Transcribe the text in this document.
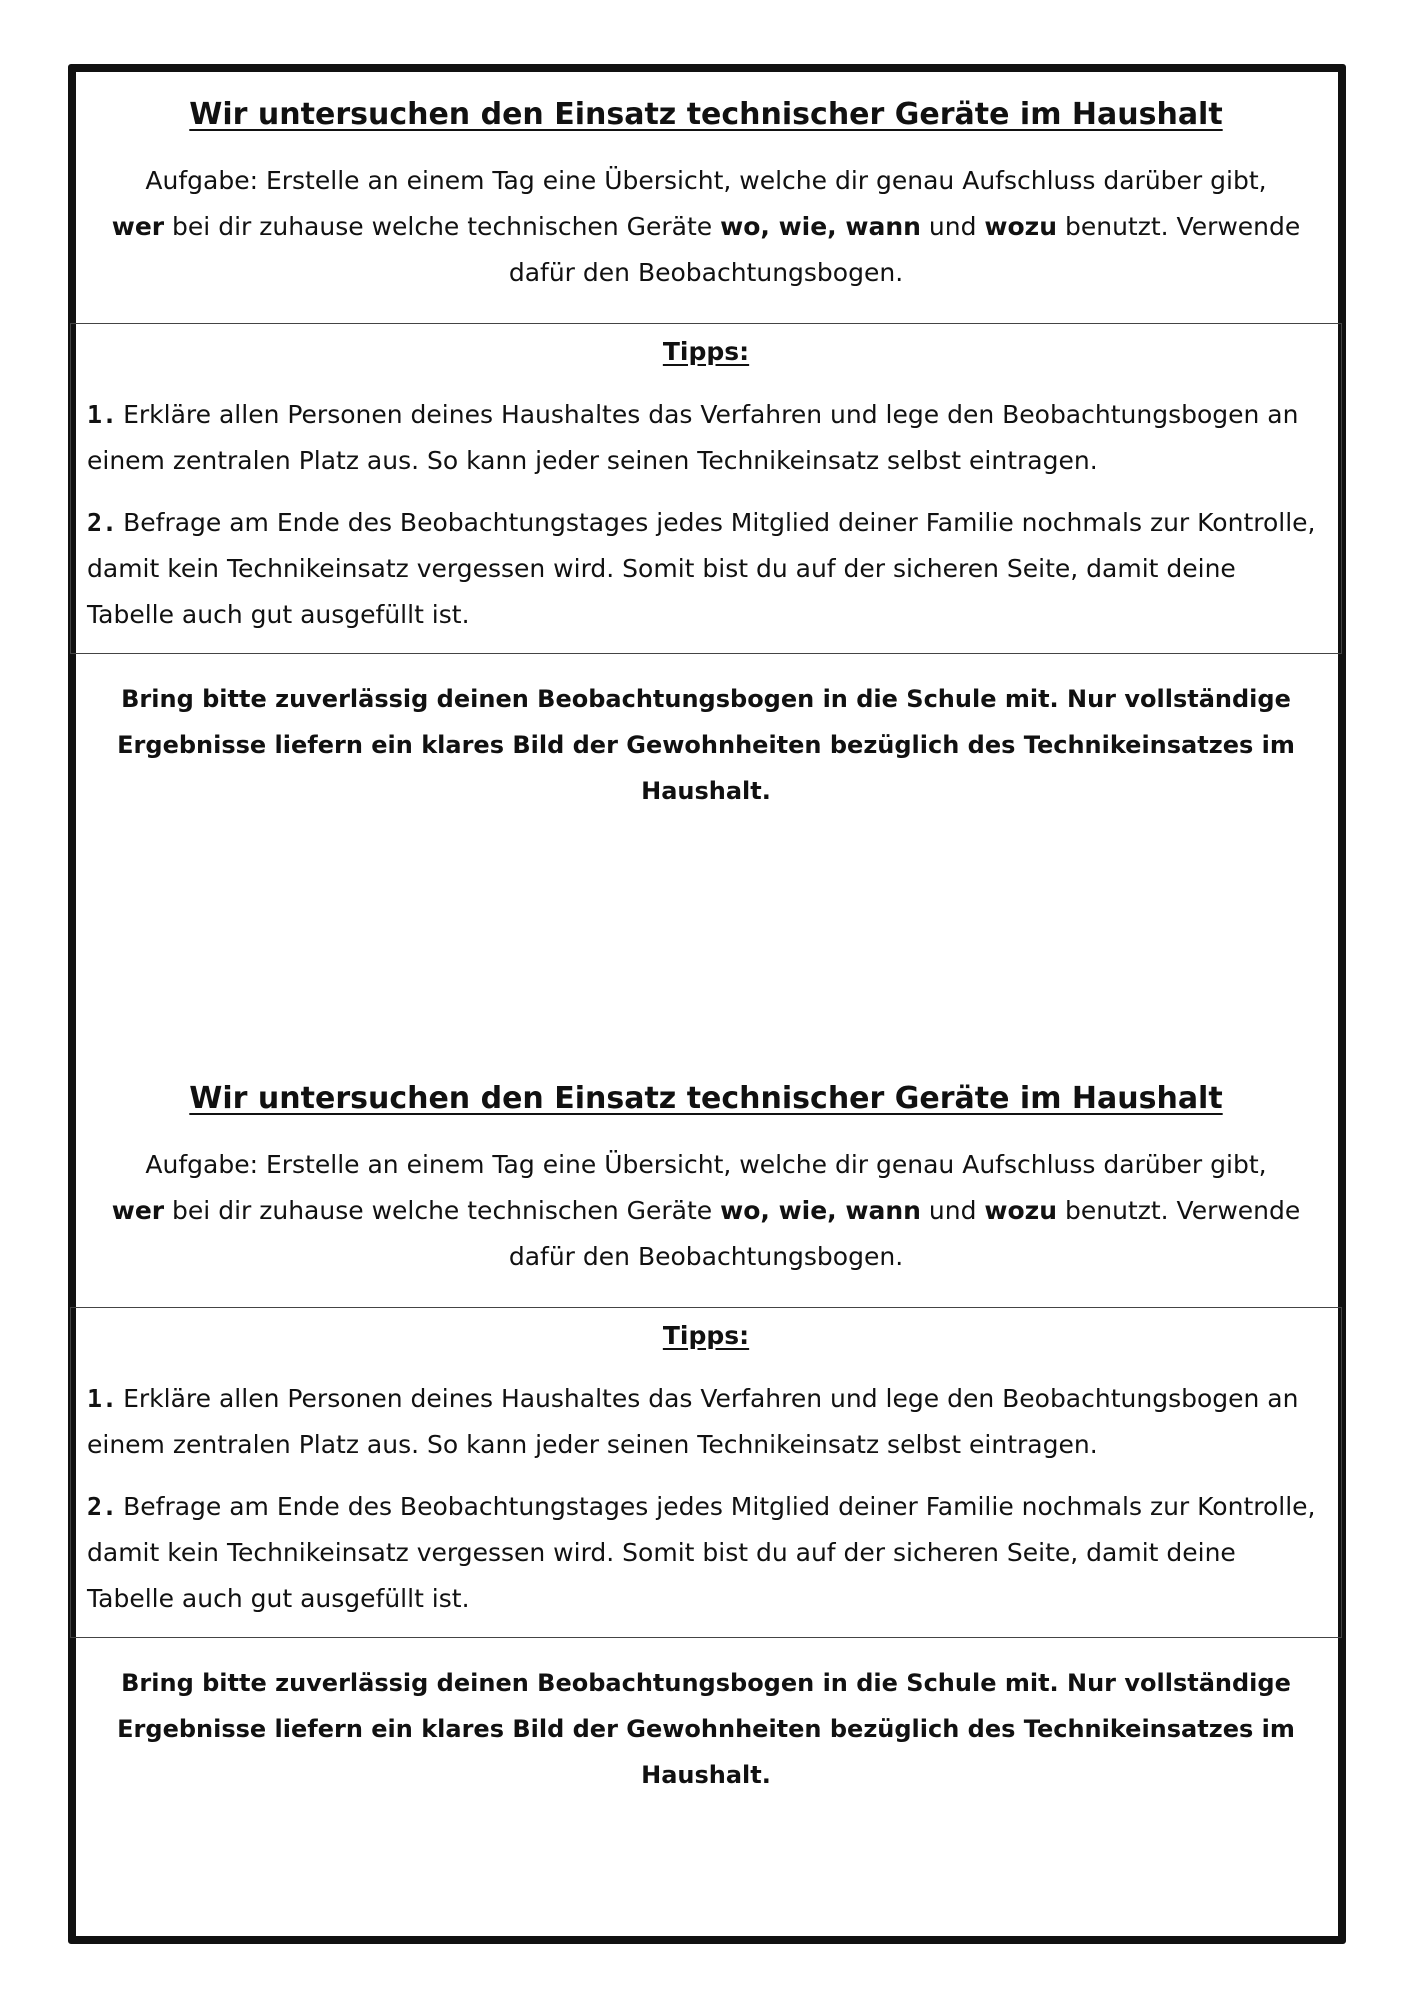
Wir untersuchen den Einsatz technischer Geräte im Haushalt

Aufgabe: Erstelle an einem Tag eine Übersicht, welche dir genau Aufschluss darüber gibt,
wer bei dir zuhause welche technischen Geräte wo, wie, wann und wozu benutzt. Verwende dafür den Beobachtungsbogen.

Tipps:

1. Erkläre allen Personen deines Haushaltes das Verfahren und lege den Beobachtungsbogen an einem zentralen Platz aus. So kann jeder seinen Technikeinsatz selbst eintragen.

2. Befrage am Ende des Beobachtungstages jedes Mitglied deiner Familie nochmals zur Kontrolle, damit kein Technikeinsatz vergessen wird. Somit bist du auf der sicheren Seite, damit deine Tabelle auch gut ausgefüllt ist.

Bring bitte zuverlässig deinen Beobachtungsbogen in die Schule mit. Nur vollständige Ergebnisse liefern ein klares Bild der Gewohnheiten bezüglich des Technikeinsatzes im Haushalt.

Wir untersuchen den Einsatz technischer Geräte im Haushalt

Aufgabe: Erstelle an einem Tag eine Übersicht, welche dir genau Aufschluss darüber gibt,
wer bei dir zuhause welche technischen Geräte wo, wie, wann und wozu benutzt. Verwende dafür den Beobachtungsbogen.

Tipps:

1. Erkläre allen Personen deines Haushaltes das Verfahren und lege den Beobachtungsbogen an einem zentralen Platz aus. So kann jeder seinen Technikeinsatz selbst eintragen.

2. Befrage am Ende des Beobachtungstages jedes Mitglied deiner Familie nochmals zur Kontrolle, damit kein Technikeinsatz vergessen wird. Somit bist du auf der sicheren Seite, damit deine Tabelle auch gut ausgefüllt ist.

Bring bitte zuverlässig deinen Beobachtungsbogen in die Schule mit. Nur vollständige Ergebnisse liefern ein klares Bild der Gewohnheiten bezüglich des Technikeinsatzes im Haushalt.
